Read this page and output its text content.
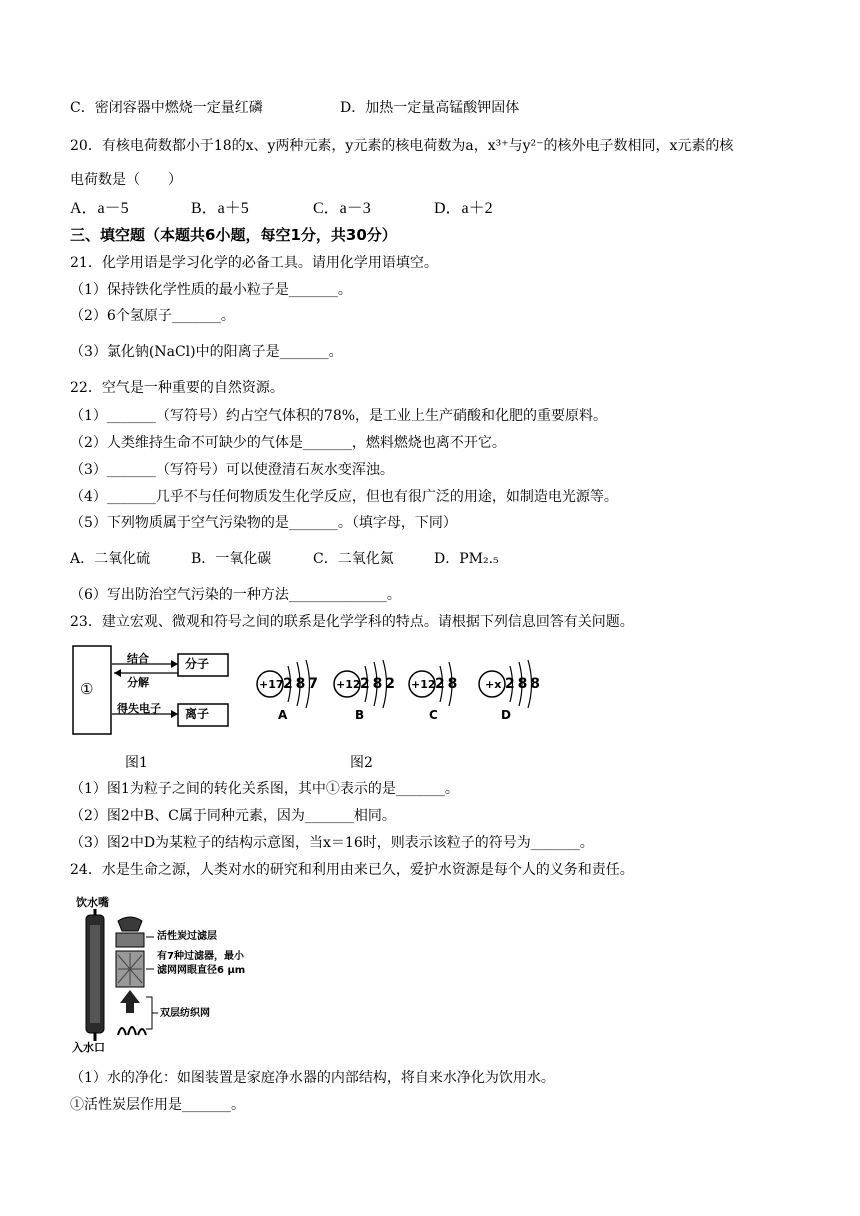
C．密闭容器中燃烧一定量红磷	D．加热一定量高锰酸钾固体
20．有核电荷数都小于18的x、y两种元素，y元素的核电荷数为a，x³⁺与y²⁻的核外电子数相同，x元素的核
电荷数是（　　）
A．a－5	B．a＋5	C．a－3	D．a＋2
三、填空题（本题共6小题，每空1分，共30分）
21．化学用语是学习化学的必备工具。请用化学用语填空。
（1）保持铁化学性质的最小粒子是_______。
（2）6个氢原子_______。
（3）氯化钠(NaCl)中的阳离子是_______。
22．空气是一种重要的自然资源。
（1）_______（写符号）约占空气体积的78%，是工业上生产硝酸和化肥的重要原料。
（2）人类维持生命不可缺少的气体是_______，燃料燃烧也离不开它。
（3）_______（写符号）可以使澄清石灰水变浑浊。
（4）_______几乎不与任何物质发生化学反应，但也有很广泛的用途，如制造电光源等。
（5）下列物质属于空气污染物的是_______。（填字母，下同）
A．二氧化硫	B．一氧化碳	C．二氧化氮	D．PM₂.₅
（6）写出防治空气污染的一种方法______________。
23．建立宏观、微观和符号之间的联系是化学学科的特点。请根据下列信息回答有关问题。
①
结合
分解
得失电子
分子
离子
+17	+12	+12	+x
2 8 7	2 8 2	2 8	2 8 8
A	B	C	D
图1	图2
（1）图1为粒子之间的转化关系图，其中①表示的是_______。
（2）图2中B、C属于同种元素，因为_______相同。
（3）图2中D为某粒子的结构示意图，当x＝16时，则表示该粒子的符号为_______。
24．水是生命之源，人类对水的研究和利用由来已久，爱护水资源是每个人的义务和责任。
饮水嘴
活性炭过滤层
有7种过滤器，最小
滤网网眼直径6 μm
双层纺织网
入水口
（1）水的净化：如图装置是家庭净水器的内部结构，将自来水净化为饮用水。
①活性炭层作用是_______。
